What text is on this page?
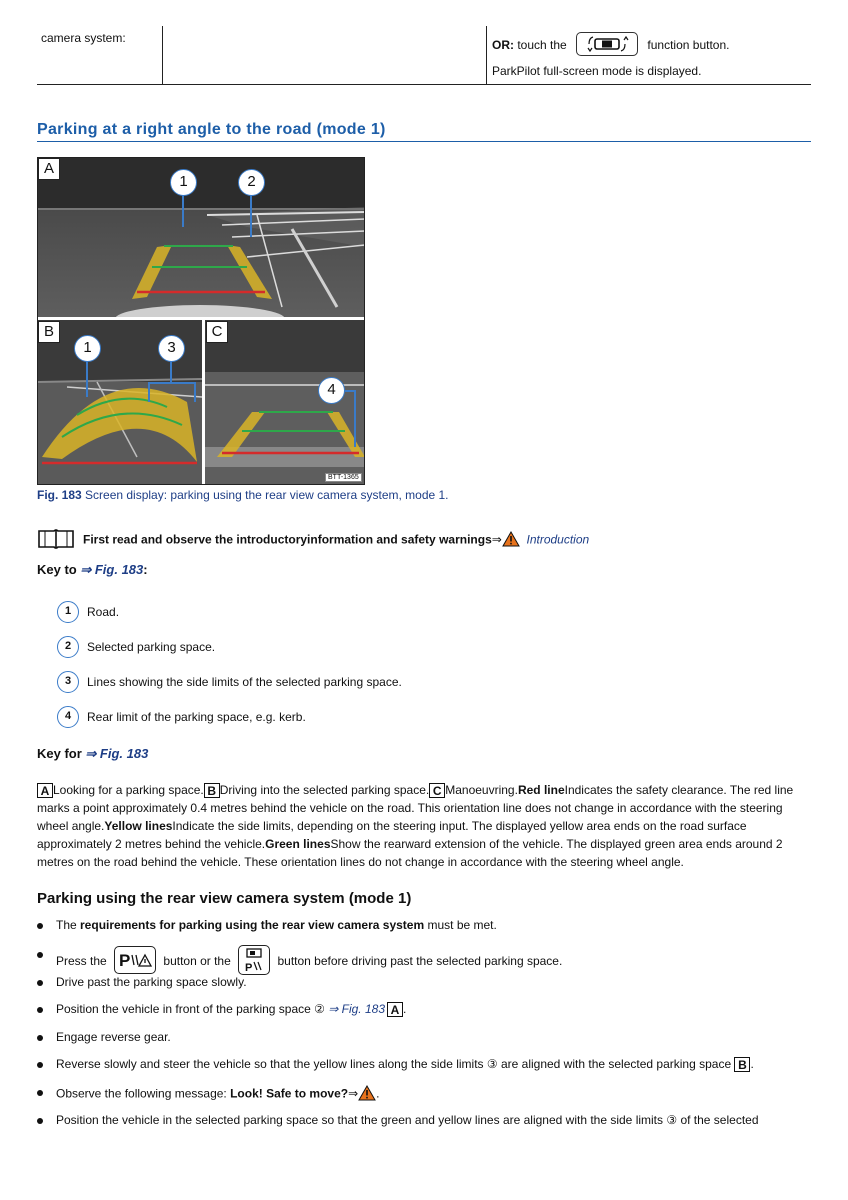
camera system:
OR: touch the	function button.
ParkPilot full-screen mode is displayed.
Parking at a right angle to the road (mode 1)
A
B	C
1	2
1	3
4
BTT-1365
Fig. 183 Screen display: parking using the rear view camera system, mode 1.
First read and observe the introductoryinformation and safety warnings⇒ Introduction
Key to ⇒ Fig. 183:
1	Road.
2	Selected parking space.
3	Lines showing the side limits of the selected parking space.
4	Rear limit of the parking space, e.g. kerb.
Key for ⇒ Fig. 183
A Looking for a parking space. B Driving into the selected parking space. C Manoeuvring.Red lineIndicates the safety clearance. The red line marks a point approximately 0.4 metres behind the vehicle on the road. This orientation line does not change in accordance with the steering wheel angle.Yellow linesIndicate the side limits, depending on the steering input. The displayed yellow area ends on the road surface approximately 2 metres behind the vehicle.Green linesShow the rearward extension of the vehicle. The displayed green area ends around 2 metres on the road behind the vehicle. These orientation lines do not change in accordance with the steering wheel angle.
Parking using the rear view camera system (mode 1)
The requirements for parking using the rear view camera system must be met.
Press the P	button or the P button before driving past the selected parking space.
Drive past the parking space slowly.
Position the vehicle in front of the parking space ② ⇒ Fig. 183 A .
Engage reverse gear.
Reverse slowly and steer the vehicle so that the yellow lines along the side limits ③ are aligned with the selected parking space B .
Observe the following message: Look! Safe to move?⇒ .
Position the vehicle in the selected parking space so that the green and yellow lines are aligned with the side limits ③ of the selected
